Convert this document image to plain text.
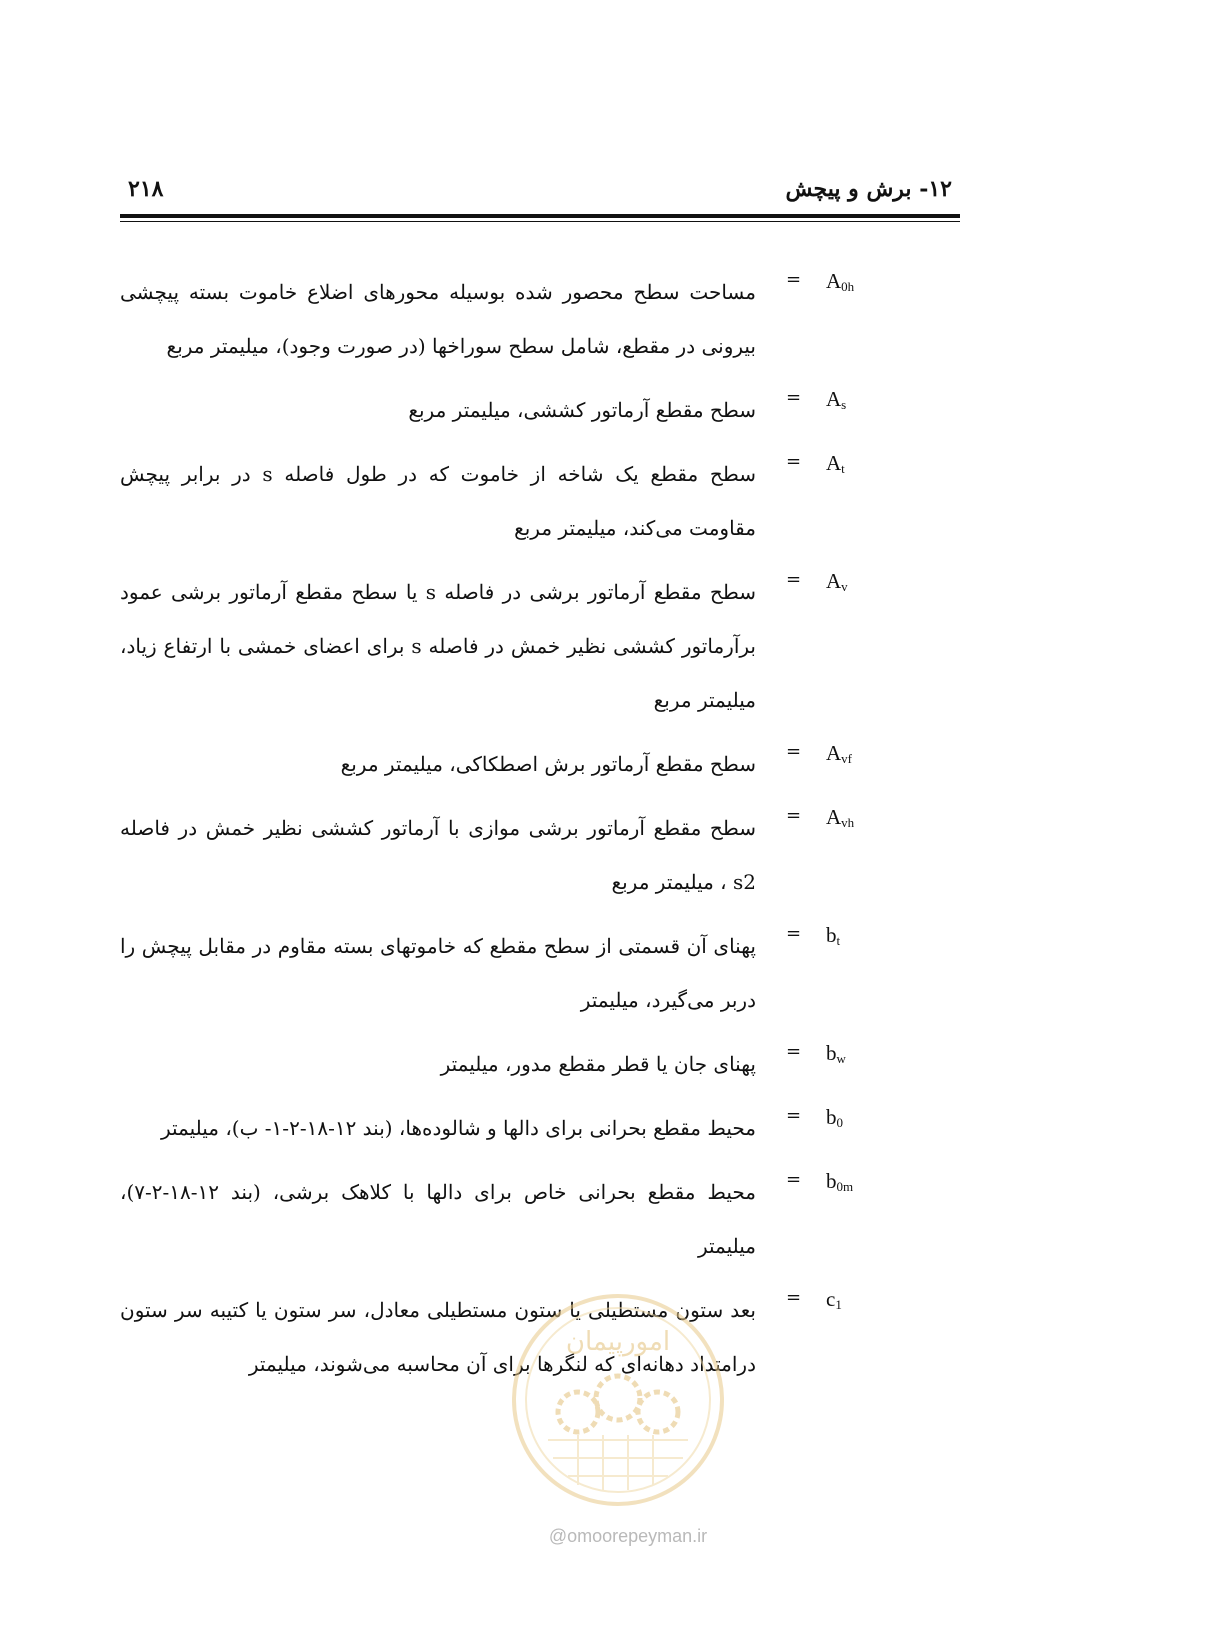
۲۱۸	۱۲- برش و پیچش
$A_{0h}$
=
مساحت سطح محصور شده بوسیله محورهای اضلاع خاموت بسته پیچشی بیرونی در مقطع، شامل سطح سوراخها (در صورت وجود)، میلیمتر مربع
$A_s$
=
سطح مقطع آرماتور کششی، میلیمتر مربع
$A_t$
=
سطح مقطع یک شاخه از خاموت که در طول فاصله s در برابر پیچش مقاومت می‌کند، میلیمتر مربع
$A_v$
=
سطح مقطع آرماتور برشی در فاصله s یا سطح مقطع آرماتور برشی عمود برآرماتور کششی نظیر خمش در فاصله s برای اعضای خمشی با ارتفاع زیاد، میلیمتر مربع
$A_{vf}$
=
سطح مقطع آرماتور برش اصطکاکی، میلیمتر مربع
$A_{vh}$
=
سطح مقطع آرماتور برشی موازی با آرماتور کششی نظیر خمش در فاصله s2 ، میلیمتر مربع
$b_t$
=
پهنای آن قسمتی از سطح مقطع که خاموتهای بسته مقاوم در مقابل پیچش را دربر می‌گیرد، میلیمتر
$b_w$
=
پهنای جان یا قطر مقطع مدور، میلیمتر
$b_0$
=
محیط مقطع بحرانی برای دالها و شالوده‌ها، (بند ۱۲-۱۸-۲-۱- ب)، میلیمتر
$b_{0m}$
=
محیط مقطع بحرانی خاص برای دالها با کلاهک برشی، (بند ۱۲-۱۸-۲-۷)، میلیمتر
$c_1$
=
بعد ستون مستطیلی یا ستون مستطیلی معادل، سر ستون یا کتیبه سر ستون درامتداد دهانه‌ای که لنگرها برای آن محاسبه می‌شوند، میلیمتر
امورپیمان
@omoorepeyman.ir
